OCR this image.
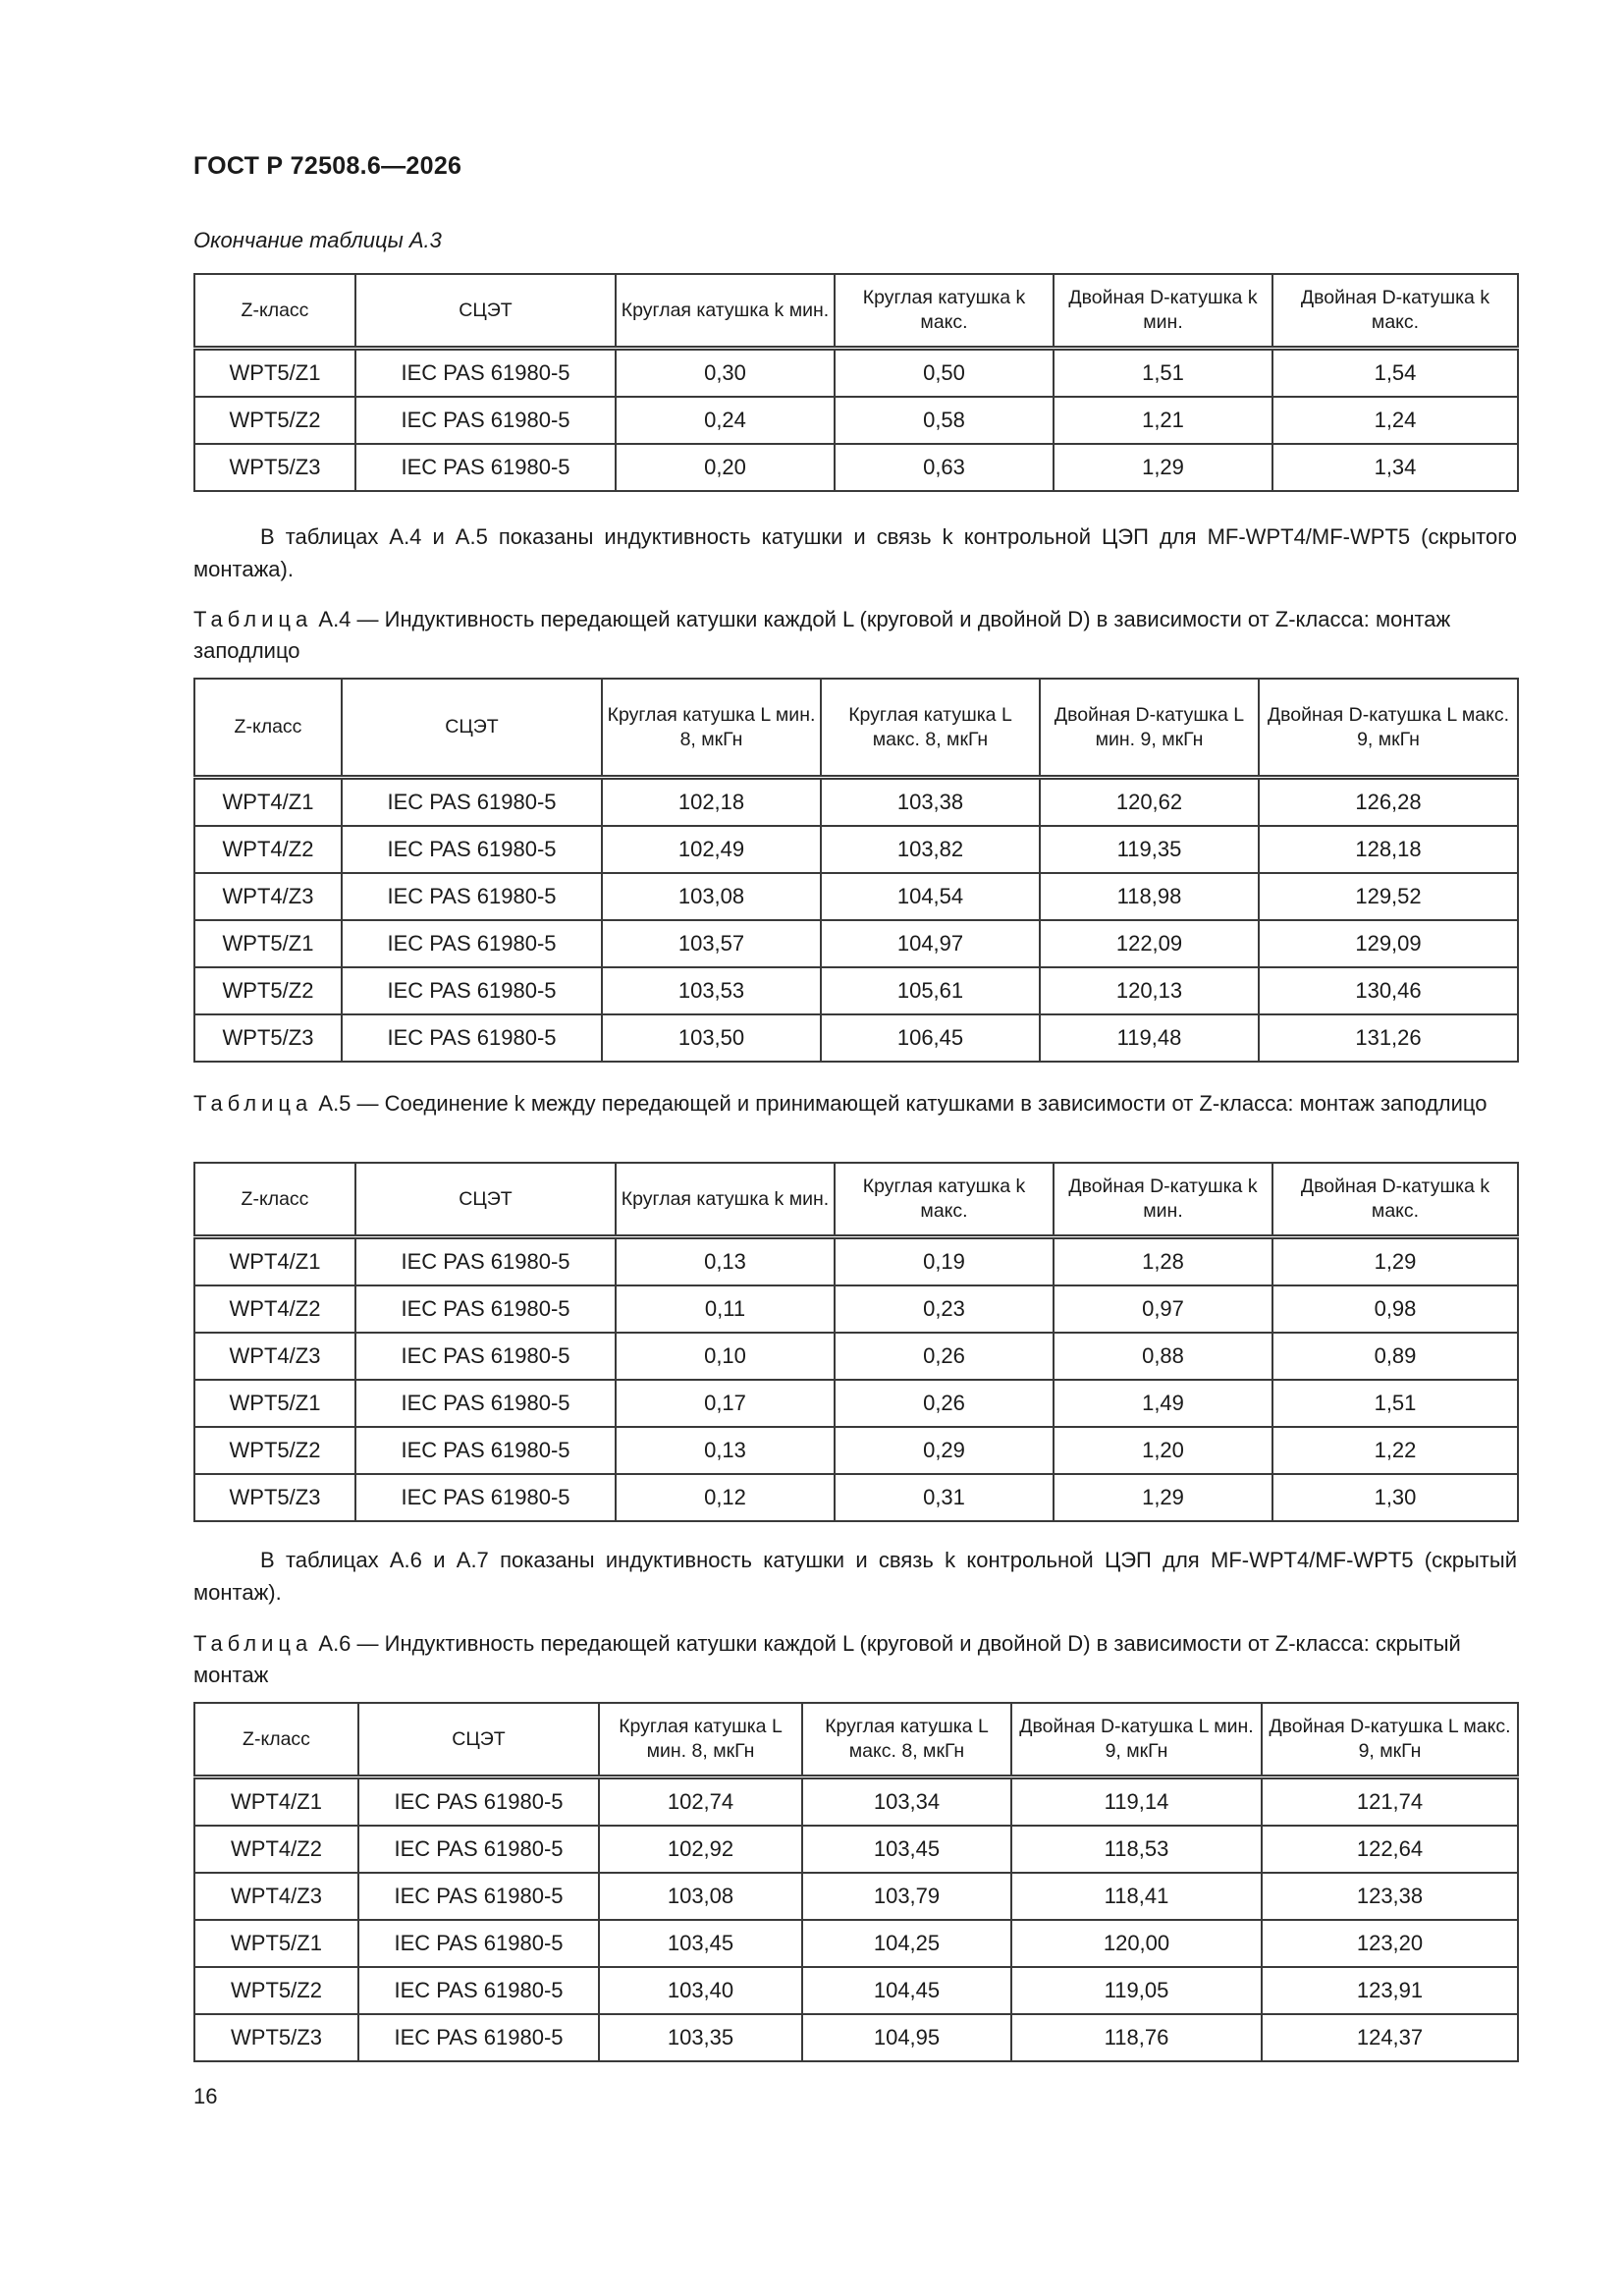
ГОСТ Р 72508.6—2026
Окончание таблицы А.3
Z-класс	СЦЭТ	Круглая катушка k мин.	Круглая катушка k макс.	Двойная D-катушка k мин.	Двойная D-катушка k макс.
WPT5/Z1	IEC PAS 61980-5	0,30	0,50	1,51	1,54
WPT5/Z2	IEC PAS 61980-5	0,24	0,58	1,21	1,24
WPT5/Z3	IEC PAS 61980-5	0,20	0,63	1,29	1,34
В таблицах А.4 и А.5 показаны индуктивность катушки и связь k контрольной ЦЭП для MF-WPT4/MF-WPT5 (скрытого монтажа).
Таблица А.4 — Индуктивность передающей катушки каждой L (круговой и двойной D) в зависимости от Z-класса: монтаж заподлицо
Z-класс	СЦЭТ	Круглая катушка L мин. 8, мкГн	Круглая катушка L макс. 8, мкГн	Двойная D-катушка L мин. 9, мкГн	Двойная D-катушка L макс. 9, мкГн
WPT4/Z1	IEC PAS 61980-5	102,18	103,38	120,62	126,28
WPT4/Z2	IEC PAS 61980-5	102,49	103,82	119,35	128,18
WPT4/Z3	IEC PAS 61980-5	103,08	104,54	118,98	129,52
WPT5/Z1	IEC PAS 61980-5	103,57	104,97	122,09	129,09
WPT5/Z2	IEC PAS 61980-5	103,53	105,61	120,13	130,46
WPT5/Z3	IEC PAS 61980-5	103,50	106,45	119,48	131,26
Таблица А.5 — Соединение k между передающей и принимающей катушками в зависимости от Z-класса: монтаж заподлицо
Z-класс	СЦЭТ	Круглая катушка k мин.	Круглая катушка k макс.	Двойная D-катушка k мин.	Двойная D-катушка k макс.
WPT4/Z1	IEC PAS 61980-5	0,13	0,19	1,28	1,29
WPT4/Z2	IEC PAS 61980-5	0,11	0,23	0,97	0,98
WPT4/Z3	IEC PAS 61980-5	0,10	0,26	0,88	0,89
WPT5/Z1	IEC PAS 61980-5	0,17	0,26	1,49	1,51
WPT5/Z2	IEC PAS 61980-5	0,13	0,29	1,20	1,22
WPT5/Z3	IEC PAS 61980-5	0,12	0,31	1,29	1,30
В таблицах А.6 и А.7 показаны индуктивность катушки и связь k контрольной ЦЭП для MF-WPT4/MF-WPT5 (скрытый монтаж).
Таблица А.6 — Индуктивность передающей катушки каждой L (круговой и двойной D) в зависимости от Z-класса: скрытый монтаж
Z-класс	СЦЭТ	Круглая катушка L мин. 8, мкГн	Круглая катушка L макс. 8, мкГн	Двойная D-катушка L мин. 9, мкГн	Двойная D-катушка L макс. 9, мкГн
WPT4/Z1	IEC PAS 61980-5	102,74	103,34	119,14	121,74
WPT4/Z2	IEC PAS 61980-5	102,92	103,45	118,53	122,64
WPT4/Z3	IEC PAS 61980-5	103,08	103,79	118,41	123,38
WPT5/Z1	IEC PAS 61980-5	103,45	104,25	120,00	123,20
WPT5/Z2	IEC PAS 61980-5	103,40	104,45	119,05	123,91
WPT5/Z3	IEC PAS 61980-5	103,35	104,95	118,76	124,37
16
